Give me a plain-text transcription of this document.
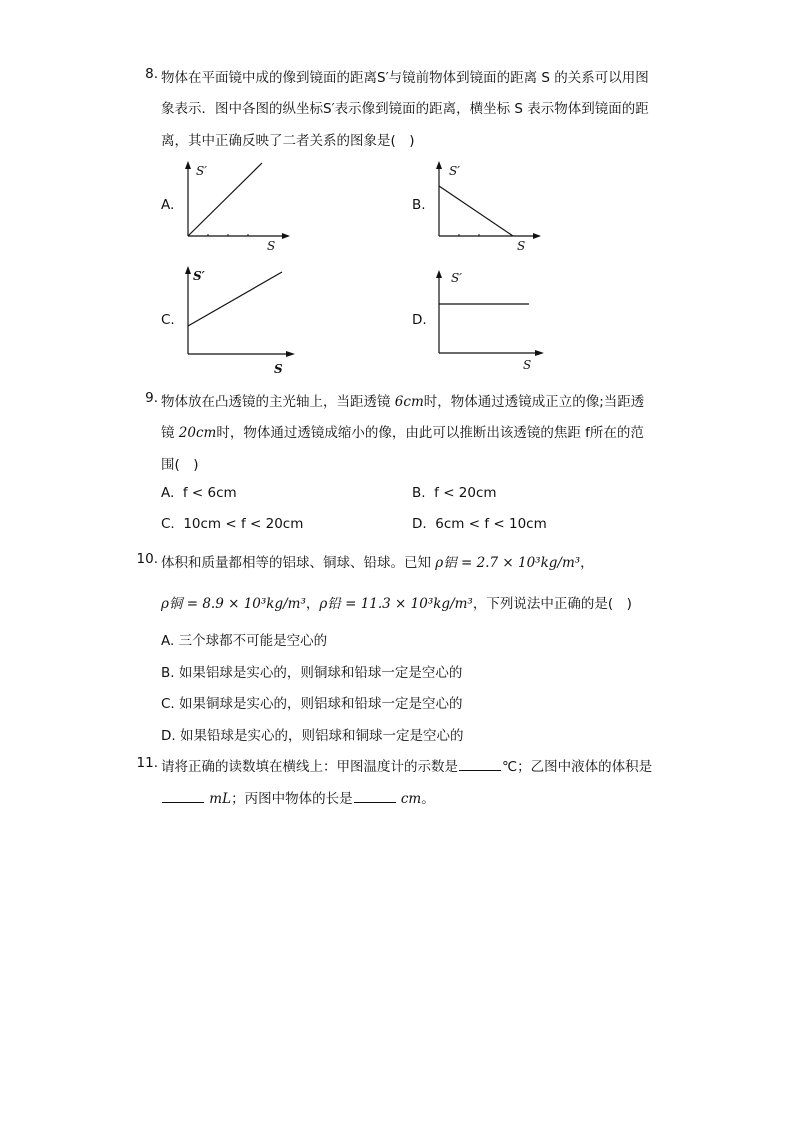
8. 物体在平面镜中成的像到镜面的距离S′与镜前物体到镜面的距离 S 的关系可以用图
象表示．图中各图的纵坐标S′表示像到镜面的距离，横坐标 S 表示物体到镜面的距
离，其中正确反映了二者关系的图象是(　)
A.
S′
S
B.
S′
S
C.
S′
S
D.
S′
S
9. 物体放在凸透镜的主光轴上，当距透镜 6cm时，物体通过透镜成正立的像;当距透
镜 20cm时，物体通过透镜成缩小的像，由此可以推断出该透镜的焦距 f所在的范
围(　)
A. f < 6cm	B. f < 20cm
C. 10cm < f < 20cm	D. 6cm < f < 10cm
10. 体积和质量都相等的铝球、铜球、铅球。已知 ρ铝 = 2.7 × 10³kg/m³，
ρ铜 = 8.9 × 10³kg/m³，ρ铅 = 11.3 × 10³kg/m³，下列说法中正确的是(　)
A. 三个球都不可能是空心的
B. 如果铝球是实心的，则铜球和铅球一定是空心的
C. 如果铜球是实心的，则铝球和铅球一定是空心的
D. 如果铅球是实心的，则铝球和铜球一定是空心的
11. 请将正确的读数填在横线上：甲图温度计的示数是	℃；乙图中液体的体积是
mL；丙图中物体的长是	cm。
